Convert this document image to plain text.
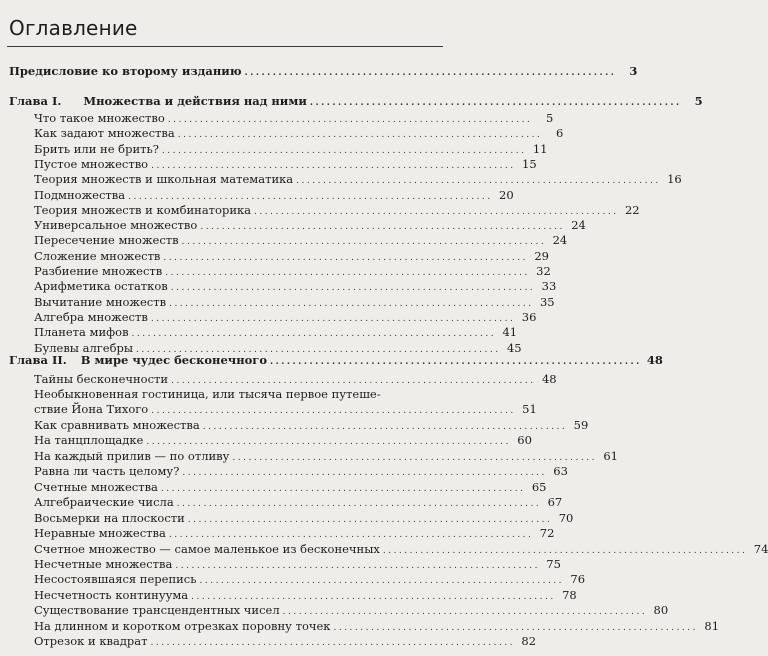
Оглавление
Предисловие ко второму изданию ..................................................................	3
Глава I. Множества и действия над ними ..................................................................	5
Что такое множество ....................................................................	5
Как задают множества ....................................................................	6
Брить или не брить? .................................................................... 11
Пустое множество .................................................................... 15
Теория множеств и школьная математика .................................................................... 16
Подмножества .................................................................... 20
Теория множеств и комбинаторика .................................................................... 22
Универсальное множество .................................................................... 24
Пересечение множеств .................................................................... 24
Сложение множеств .................................................................... 29
Разбиение множеств .................................................................... 32
Арифметика остатков .................................................................... 33
Вычитание множеств .................................................................... 35
Алгебра множеств .................................................................... 36
Планета мифов .................................................................... 41
Булевы алгебры .................................................................... 45
Глава II. В мире чудес бесконечного .................................................................. 48
Тайны бесконечности .................................................................... 48
Необыкновенная гостиница, или тысяча первое путеше-
ствие Йона Тихого .................................................................... 51
Как сравнивать множества .................................................................... 59
На танцплощадке .................................................................... 60
На каждый прилив — по отливу .................................................................... 61
Равна ли часть целому? .................................................................... 63
Счетные множества .................................................................... 65
Алгебраические числа .................................................................... 67
Восьмерки на плоскости .................................................................... 70
Неравные множества .................................................................... 72
Счетное множество — самое маленькое из бесконечных .................................................................... 74
Несчетные множества .................................................................... 75
Несостоявшаяся перепись .................................................................... 76
Несчетность континуума .................................................................... 78
Существование трансцендентных чисел .................................................................... 80
На длинном и коротком отрезках поровну точек .................................................................... 81
Отрезок и квадрат .................................................................... 82
